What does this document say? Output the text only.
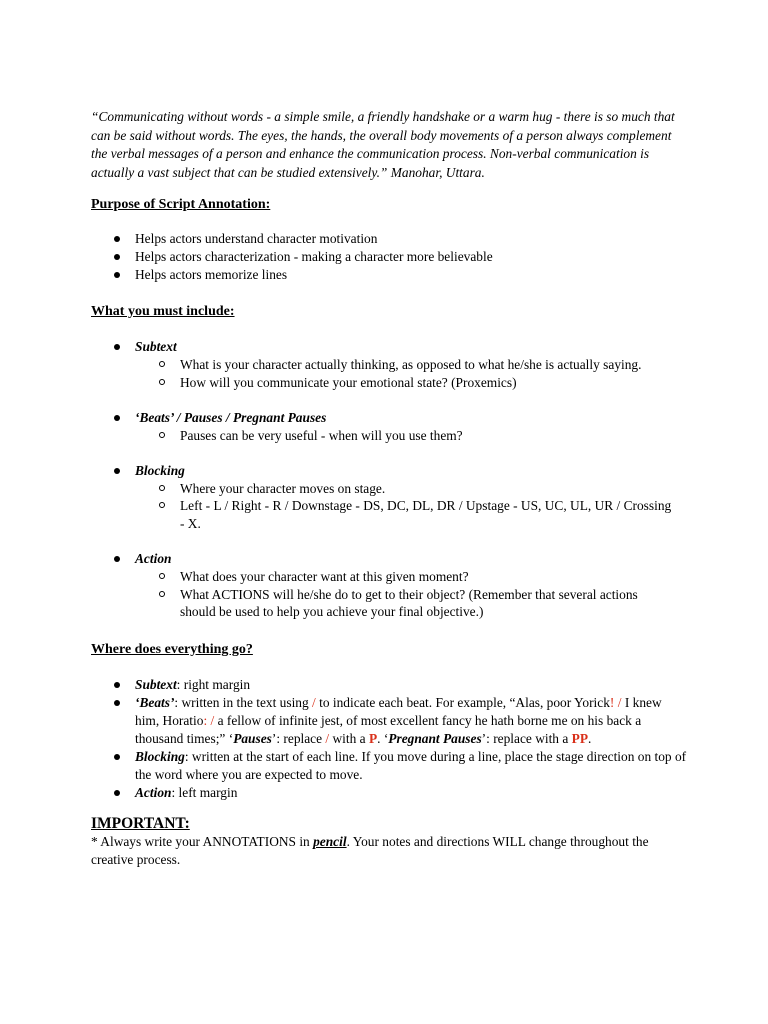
“Communicating without words - a simple smile, a friendly handshake or a warm hug - there is so much that can be said without words. The eyes, the hands, the overall body movements of a person always complement the verbal messages of a person and enhance the communication process. Non-verbal communication is actually a vast subject that can be studied extensively.” Manohar, Uttara.

Purpose of Script Annotation:
Helps actors understand character motivation
Helps actors characterization - making a character more believable
Helps actors memorize lines
What you must include:
Subtext
What is your character actually thinking, as opposed to what he/she is actually saying.
How will you communicate your emotional state? (Proxemics)
‘Beats’ / Pauses / Pregnant Pauses
Pauses can be very useful - when will you use them?
Blocking
Where your character moves on stage.
Left - L / Right - R / Downstage - DS, DC, DL, DR / Upstage - US, UC, UL, UR / Crossing - X.
Action
What does your character want at this given moment?
What ACTIONS will he/she do to get to their object? (Remember that several actions should be used to help you achieve your final objective.)
Where does everything go?
Subtext: right margin
‘Beats’: written in the text using / to indicate each beat. For example, “Alas, poor Yorick! / I knew him, Horatio: / a fellow of infinite jest, of most excellent fancy he hath borne me on his back a thousand times;” ‘Pauses’: replace / with a P. ‘Pregnant Pauses’: replace with a PP.
Blocking: written at the start of each line. If you move during a line, place the stage direction on top of the word where you are expected to move.
Action: left margin
IMPORTANT:

* Always write your ANNOTATIONS in pencil. Your notes and directions WILL change throughout the creative process.
